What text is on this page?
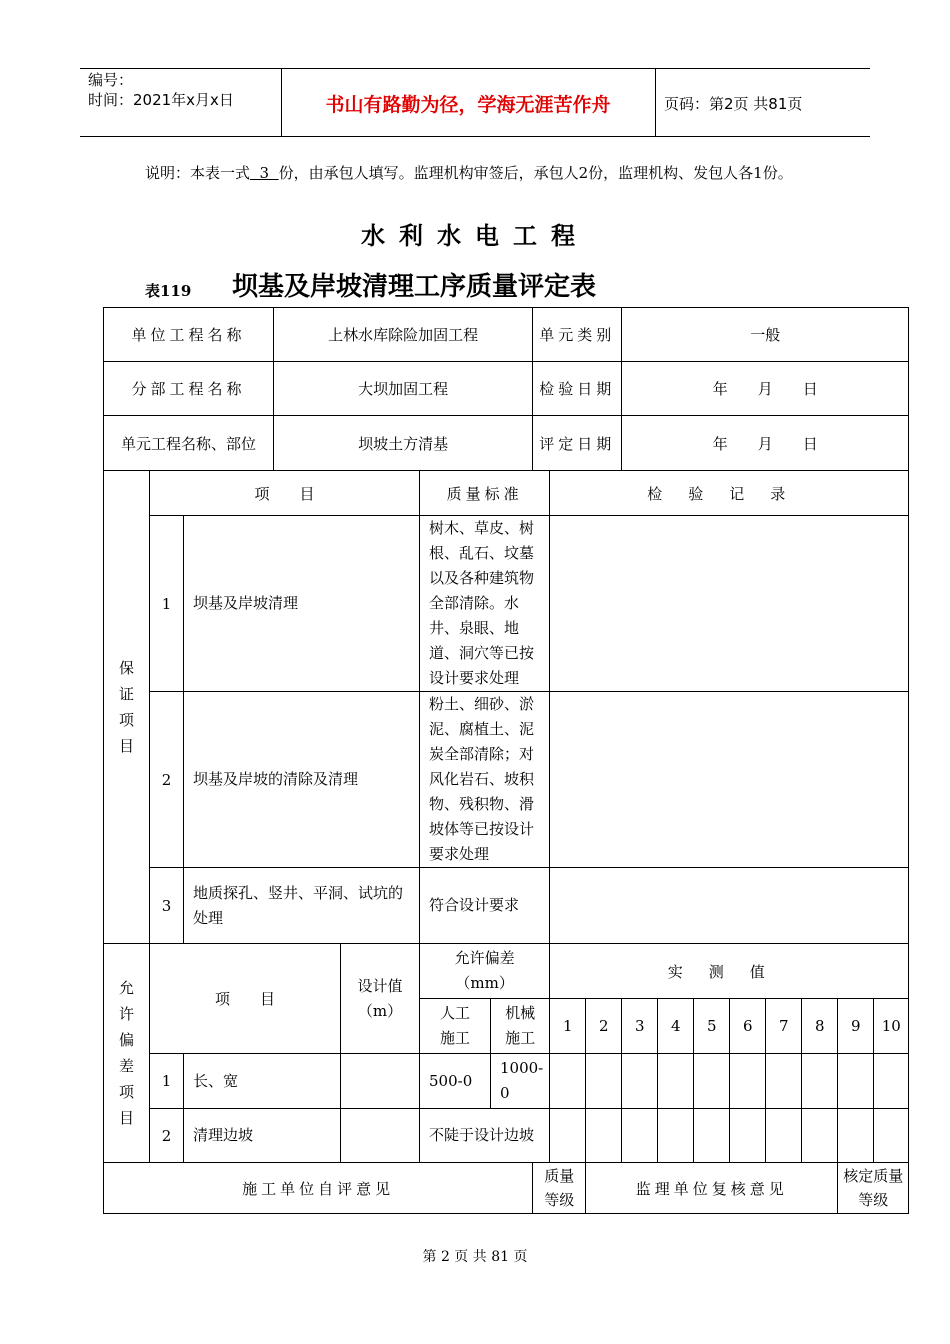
编号：
时间：2021年x月x日	书山有路勤为径，学海无涯苦作舟	页码：第2页 共81页
说明：本表一式  3  份，由承包人填写。监理机构审签后，承包人2份，监理机构、发包人各1份。
水利水电工程
表119 坝基及岸坡清理工序质量评定表
单位工程名称			上林水库除险加固工程				单元类别			一般							
分部工程名称			大坝加固工程				检验日期			年　　月　　日							
单元工程名称、部位			坝坡土方清基				评定日期			年　　月　　日							
保证项目	项　　目				质量标准			检验记录									
	1	坝基及岸坡清理			树木、草皮、树根、乱石、坟墓以及各种建筑物全部清除。水井、泉眼、地道、洞穴等已按设计要求处理												
	2	坝基及岸坡的清除及清理			粉土、细砂、淤泥、腐植土、泥炭全部清除；对风化岩石、坡积物、残积物、滑坡体等已按设计要求处理												
	3	地质探孔、竖井、平洞、试坑的处理			符合设计要求												
允许偏差项目	项　　目			设计值（m）	允许偏差（mm）			实测值									
					人工施工	机械施工		1	2	3	4	5	6	7	8	9	10
	1	长、宽			500-0	1000-0											
	2	清理边坡			不陡于设计边坡												
施工单位自评意见							质量等级		监理单位复核意见							核定质量等级	
第 2 页 共 81 页
